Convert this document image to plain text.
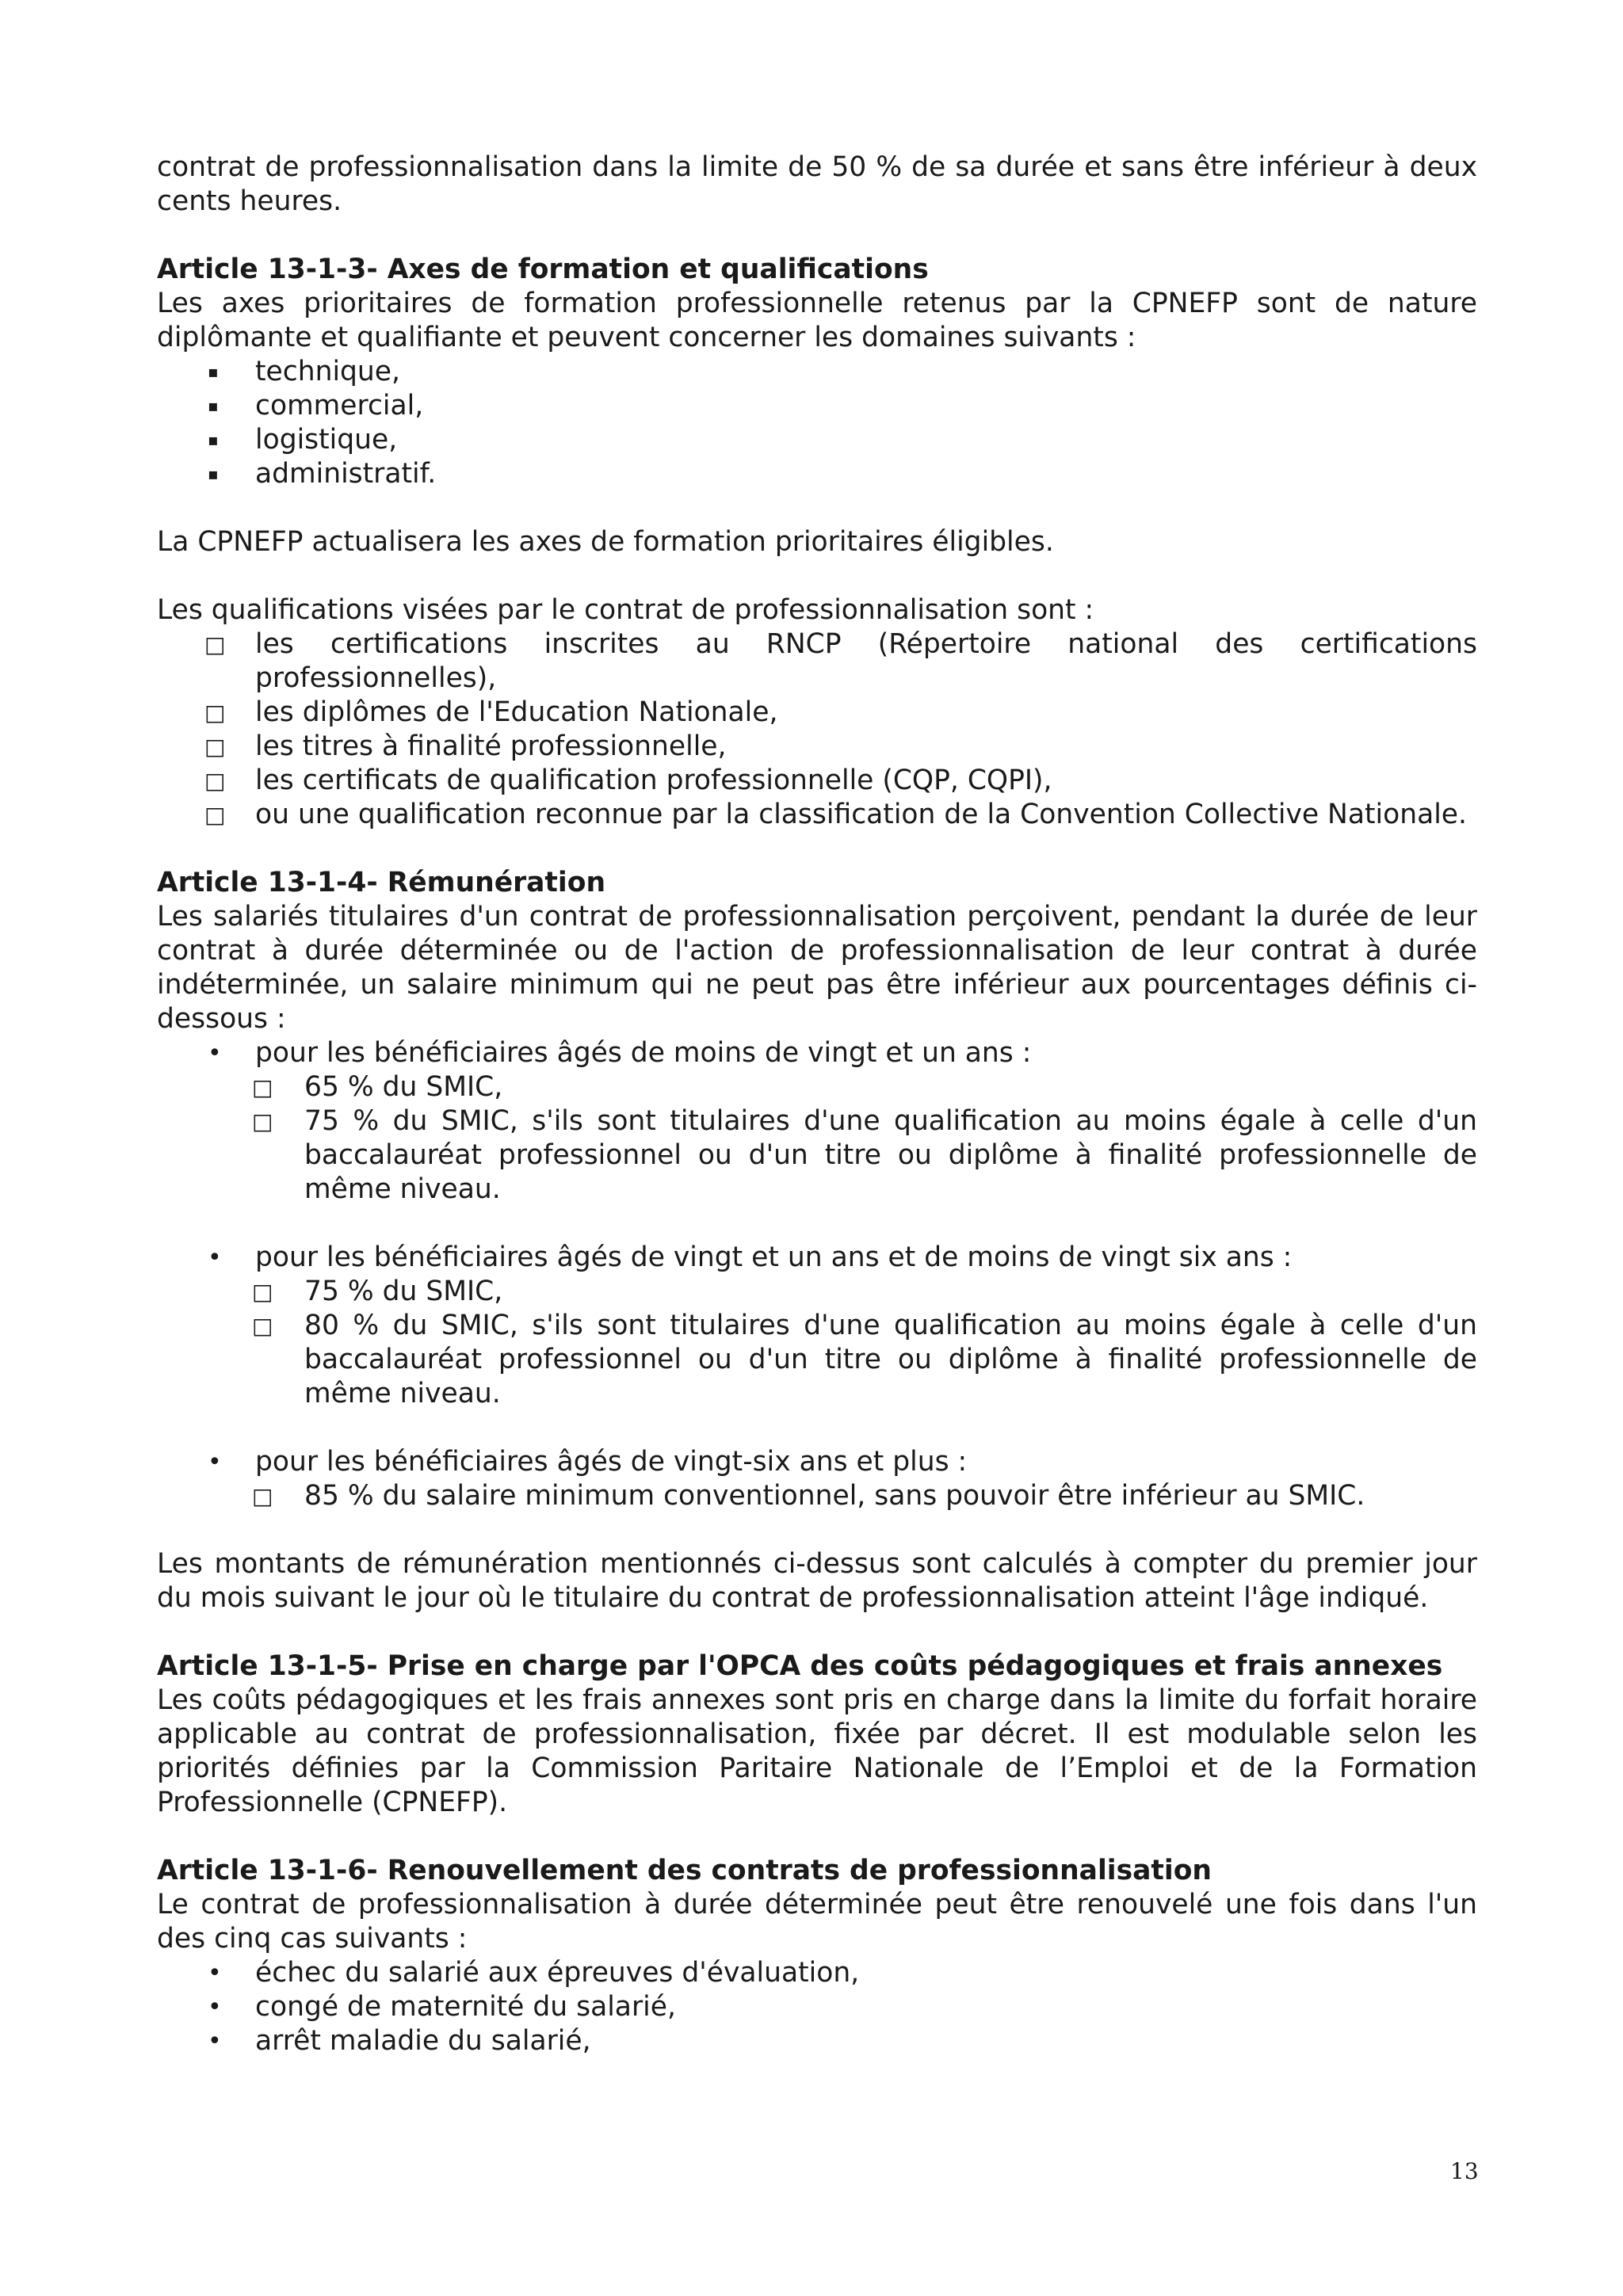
contrat de professionnalisation dans la limite de 50 % de sa durée et sans être inférieur à deux cents heures.

Article 13-1-3- Axes de formation et qualifications

Les axes prioritaires de formation professionnelle retenus par la CPNEFP sont de nature diplômante et qualifiante et peuvent concerner les domaines suivants :

▪ technique,
▪ commercial,
▪ logistique,
▪ administratif.

La CPNEFP actualisera les axes de formation prioritaires éligibles.

Les qualifications visées par le contrat de professionnalisation sont :

□ les certifications inscrites au RNCP (Répertoire national des certifications professionnelles),
□ les diplômes de l'Education Nationale,
□ les titres à finalité professionnelle,
□ les certificats de qualification professionnelle (CQP, CQPI),
□ ou une qualification reconnue par la classification de la Convention Collective Nationale.

Article 13-1-4- Rémunération

Les salariés titulaires d'un contrat de professionnalisation perçoivent, pendant la durée de leur contrat à durée déterminée ou de l'action de professionnalisation de leur contrat à durée indéterminée, un salaire minimum qui ne peut pas être inférieur aux pourcentages définis ci-dessous :

• pour les bénéficiaires âgés de moins de vingt et un ans :
□ 65 % du SMIC,
□ 75 % du SMIC, s'ils sont titulaires d'une qualification au moins égale à celle d'un baccalauréat professionnel ou d'un titre ou diplôme à finalité professionnelle de même niveau.
• pour les bénéficiaires âgés de vingt et un ans et de moins de vingt six ans :
□ 75 % du SMIC,
□ 80 % du SMIC, s'ils sont titulaires d'une qualification au moins égale à celle d'un baccalauréat professionnel ou d'un titre ou diplôme à finalité professionnelle de même niveau.
• pour les bénéficiaires âgés de vingt-six ans et plus :
□ 85 % du salaire minimum conventionnel, sans pouvoir être inférieur au SMIC.

Les montants de rémunération mentionnés ci-dessus sont calculés à compter du premier jour du mois suivant le jour où le titulaire du contrat de professionnalisation atteint l'âge indiqué.

Article 13-1-5- Prise en charge par l'OPCA des coûts pédagogiques et frais annexes

Les coûts pédagogiques et les frais annexes sont pris en charge dans la limite du forfait horaire applicable au contrat de professionnalisation, fixée par décret. Il est modulable selon les priorités définies par la Commission Paritaire Nationale de l’Emploi et de la Formation Professionnelle (CPNEFP).

Article 13-1-6- Renouvellement des contrats de professionnalisation

Le contrat de professionnalisation à durée déterminée peut être renouvelé une fois dans l'un des cinq cas suivants :

• échec du salarié aux épreuves d'évaluation,
• congé de maternité du salarié,
• arrêt maladie du salarié,
13
